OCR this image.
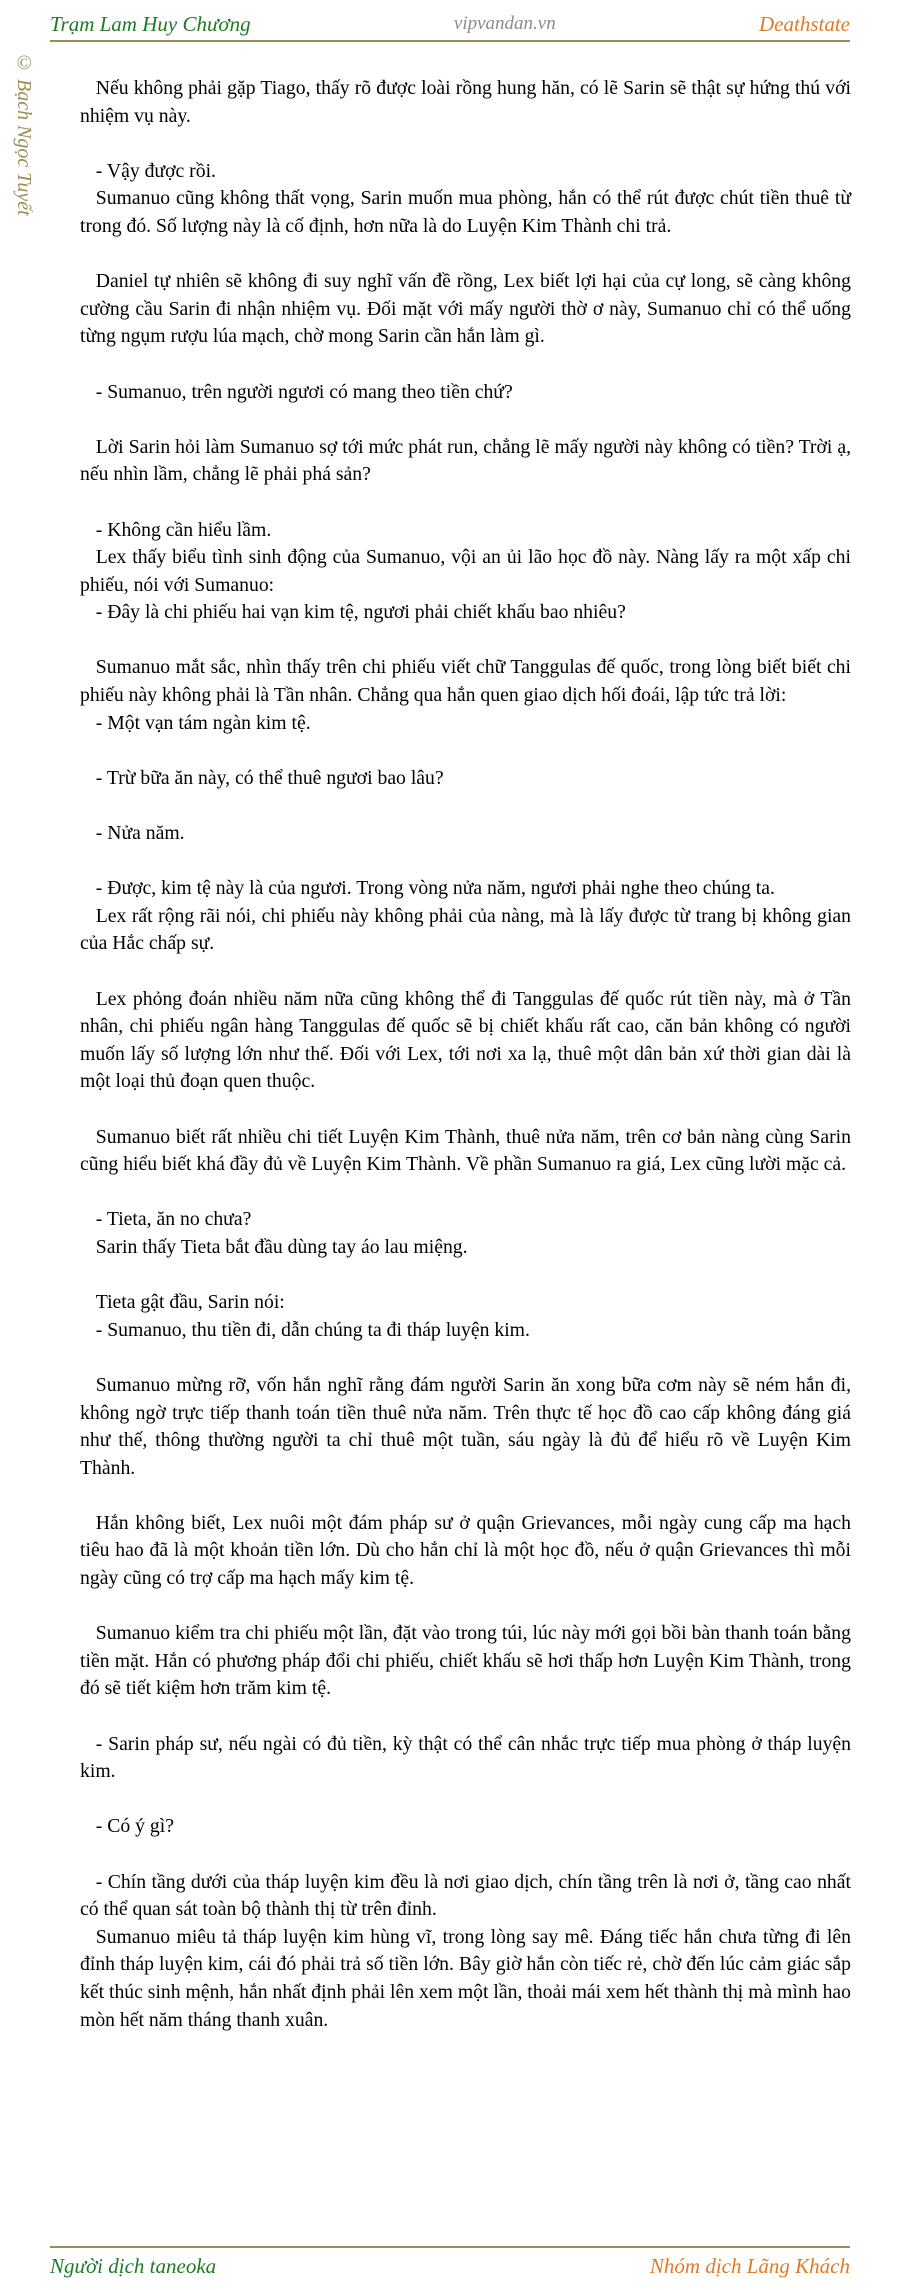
Trạm Lam Huy Chương	vipvandan.vn	Deathstate
© Bạch Ngọc Tuyết	Nếu không phải gặp Tiago, thấy rõ được loài rồng hung hăn, có lẽ Sarin sẽ thật sự hứng thú với nhiệm vụ này.

- Vậy được rồi.

Sumanuo cũng không thất vọng, Sarin muốn mua phòng, hắn có thể rút được chút tiền thuê từ trong đó. Số lượng này là cố định, hơn nữa là do Luyện Kim Thành chi trả.

Daniel tự nhiên sẽ không đi suy nghĩ vấn đề rồng, Lex biết lợi hại của cự long, sẽ càng không cường cầu Sarin đi nhận nhiệm vụ. Đối mặt với mấy người thờ ơ này, Sumanuo chỉ có thể uống từng ngụm rượu lúa mạch, chờ mong Sarin cần hắn làm gì.

- Sumanuo, trên người ngươi có mang theo tiền chứ?

Lời Sarin hỏi làm Sumanuo sợ tới mức phát run, chẳng lẽ mấy người này không có tiền? Trời ạ, nếu nhìn lầm, chẳng lẽ phải phá sản?

- Không cần hiểu lầm.

Lex thấy biểu tình sinh động của Sumanuo, vội an ủi lão học đồ này. Nàng lấy ra một xấp chi phiếu, nói với Sumanuo:

- Đây là chi phiếu hai vạn kim tệ, ngươi phải chiết khấu bao nhiêu?

Sumanuo mắt sắc, nhìn thấy trên chi phiếu viết chữ Tanggulas đế quốc, trong lòng biết biết chi phiếu này không phải là Tần nhân. Chẳng qua hắn quen giao dịch hối đoái, lập tức trả lời:

- Một vạn tám ngàn kim tệ.

- Trừ bữa ăn này, có thể thuê ngươi bao lâu?

- Nửa năm.

- Được, kim tệ này là của ngươi. Trong vòng nửa năm, ngươi phải nghe theo chúng ta.

Lex rất rộng rãi nói, chi phiếu này không phải của nàng, mà là lấy được từ trang bị không gian của Hắc chấp sự.

Lex phỏng đoán nhiều năm nữa cũng không thể đi Tanggulas đế quốc rút tiền này, mà ở Tần nhân, chi phiếu ngân hàng Tanggulas đế quốc sẽ bị chiết khấu rất cao, căn bản không có người muốn lấy số lượng lớn như thế. Đối với Lex, tới nơi xa lạ, thuê một dân bản xứ thời gian dài là một loại thủ đoạn quen thuộc.

Sumanuo biết rất nhiều chi tiết Luyện Kim Thành, thuê nửa năm, trên cơ bản nàng cùng Sarin cũng hiểu biết khá đầy đủ về Luyện Kim Thành. Về phần Sumanuo ra giá, Lex cũng lười mặc cả.

- Tieta, ăn no chưa?

Sarin thấy Tieta bắt đầu dùng tay áo lau miệng.

Tieta gật đầu, Sarin nói:

- Sumanuo, thu tiền đi, dẫn chúng ta đi tháp luyện kim.

Sumanuo mừng rỡ, vốn hắn nghĩ rằng đám người Sarin ăn xong bữa cơm này sẽ ném hắn đi, không ngờ trực tiếp thanh toán tiền thuê nửa năm. Trên thực tế học đồ cao cấp không đáng giá như thế, thông thường người ta chỉ thuê một tuần, sáu ngày là đủ để hiểu rõ về Luyện Kim Thành.

Hắn không biết, Lex nuôi một đám pháp sư ở quận Grievances, mỗi ngày cung cấp ma hạch tiêu hao đã là một khoản tiền lớn. Dù cho hắn chỉ là một học đồ, nếu ở quận Grievances thì mỗi ngày cũng có trợ cấp ma hạch mấy kim tệ.

Sumanuo kiểm tra chi phiếu một lần, đặt vào trong túi, lúc này mới gọi bồi bàn thanh toán bằng tiền mặt. Hắn có phương pháp đổi chi phiếu, chiết khấu sẽ hơi thấp hơn Luyện Kim Thành, trong đó sẽ tiết kiệm hơn trăm kim tệ.

- Sarin pháp sư, nếu ngài có đủ tiền, kỳ thật có thể cân nhắc trực tiếp mua phòng ở tháp luyện kim.

- Có ý gì?

- Chín tầng dưới của tháp luyện kim đều là nơi giao dịch, chín tầng trên là nơi ở, tầng cao nhất có thể quan sát toàn bộ thành thị từ trên đỉnh.

Sumanuo miêu tả tháp luyện kim hùng vĩ, trong lòng say mê. Đáng tiếc hắn chưa từng đi lên đỉnh tháp luyện kim, cái đó phải trả số tiền lớn. Bây giờ hắn còn tiếc rẻ, chờ đến lúc cảm giác sắp kết thúc sinh mệnh, hắn nhất định phải lên xem một lần, thoải mái xem hết thành thị mà mình hao mòn hết năm tháng thanh xuân.

Người dịch taneoka	Nhóm dịch Lãng Khách
